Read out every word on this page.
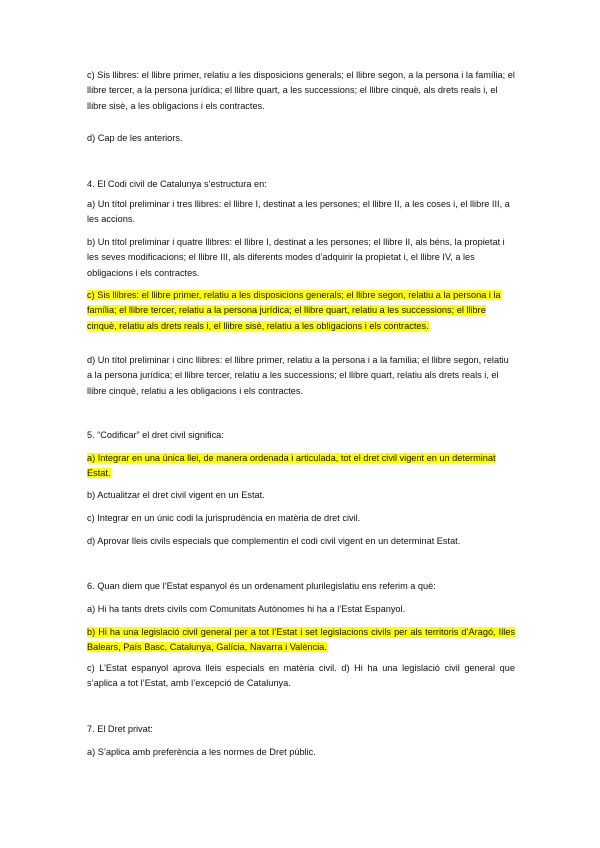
c) Sis llibres: el llibre primer, relatiu a les disposicions generals; el llibre segon, a la persona i la família; el llibre tercer, a la persona jurídica; el llibre quart, a les successions; el llibre cinquè, als drets reals i, el llibre sisè, a les obligacions i els contractes.

d) Cap de les anteriors.

4. El Codi civil de Catalunya s’estructura en:

a) Un títol preliminar i tres llibres: el llibre I, destinat a les persones; el llibre II, a les coses i, el llibre III, a les accions.

b) Un títol preliminar i quatre llibres: el llibre I, destinat a les persones; el llibre II, als béns, la propietat i les seves modificacions; el llibre III, als diferents modes d’adquirir la propietat i, el llibre IV, a les obligacions i els contractes.

c) Sis llibres: el llibre primer, relatiu a les disposicions generals; el llibre segon, relatiu a la persona i la família; el llibre tercer, relatiu a la persona jurídica; el llibre quart, relatiu a les successions; el llibre cinquè, relatiu als drets reals i, el llibre sisè, relatiu a les obligacions i els contractes.

d) Un títol preliminar i cinc llibres: el llibre primer, relatiu a la persona i a la família; el llibre segon, relatiu a la persona jurídica; el llibre tercer, relatiu a les successions; el llibre quart, relatiu als drets reals i, el llibre cinquè, relatiu a les obligacions i els contractes.

5. “Codificar” el dret civil significa:

a) Integrar en una única llei, de manera ordenada i articulada, tot el dret civil vigent en un determinat Estat.

b) Actualitzar el dret civil vigent en un Estat.

c) Integrar en un únic codi la jurisprudència en matèria de dret civil.

d) Aprovar lleis civils especials que complementin el codi civil vigent en un determinat Estat.

6. Quan diem que l’Estat espanyol és un ordenament plurilegislatiu ens referim a què:

a) Hi ha tants drets civils com Comunitats Autònomes hi ha a l’Estat Espanyol.

b) Hi ha una legislació civil general per a tot l’Estat i set legislacions civils per als territoris d’Aragó, Illes Balears, País Basc, Catalunya, Galícia, Navarra i València.

c) L’Estat espanyol aprova lleis especials en matèria civil. d) Hi ha una legislació civil general que s’aplica a tot l’Estat, amb l’excepció de Catalunya.

7. El Dret privat:

a) S’aplica amb preferència a les normes de Dret públic.
